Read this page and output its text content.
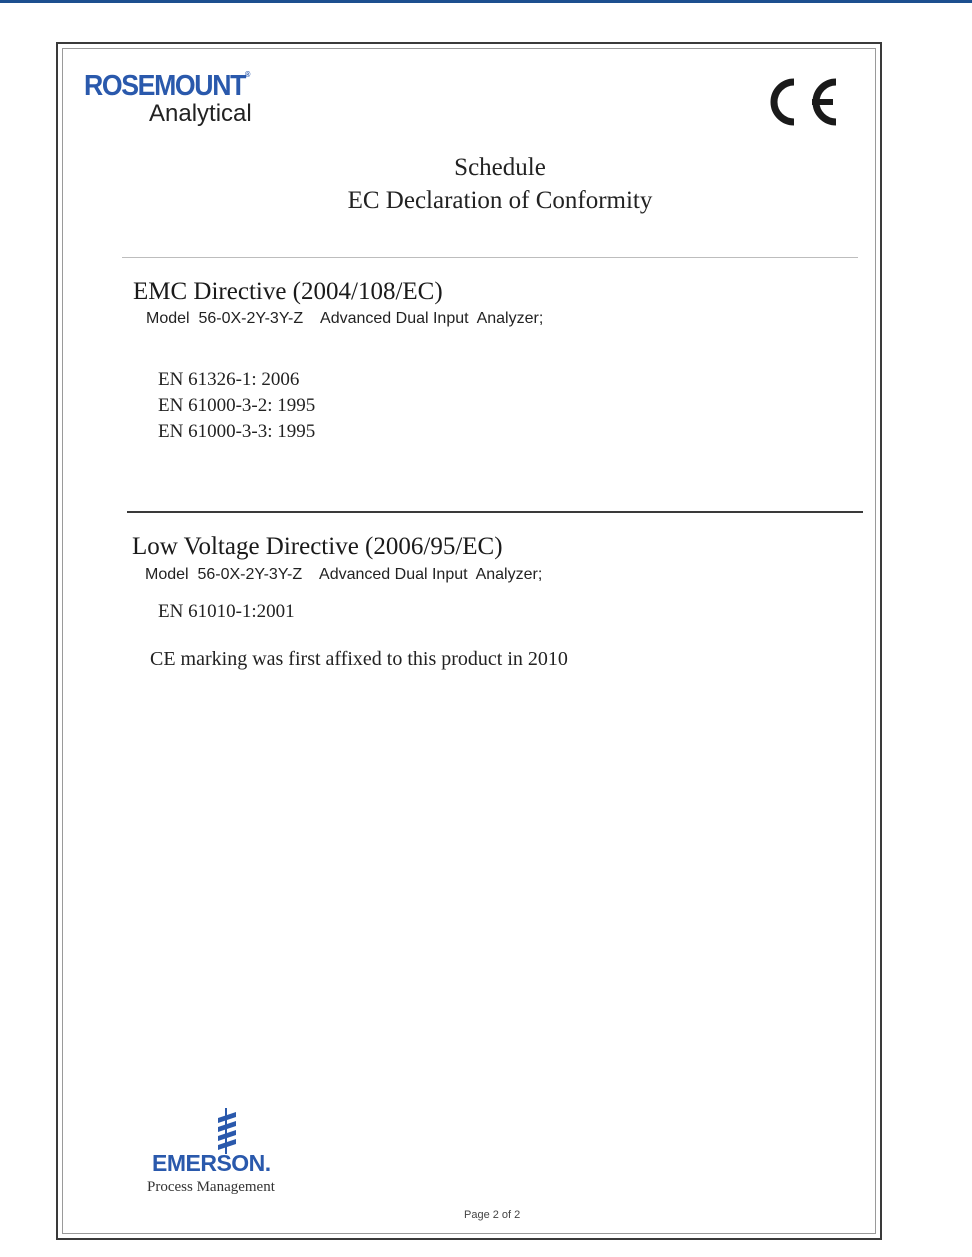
ROSEMOUNT®
Analytical
Schedule
EC Declaration of Conformity
EMC Directive (2004/108/EC)
Model  56-0X-2Y-3Y-Z    Advanced Dual Input  Analyzer;
EN 61326-1: 2006
EN 61000-3-2: 1995
EN 61000-3-3: 1995
Low Voltage Directive (2006/95/EC)
Model  56-0X-2Y-3Y-Z    Advanced Dual Input  Analyzer;
EN 61010-1:2001
CE marking was first affixed to this product in 2010
EMERSON.
Process Management
Page 2 of 2
